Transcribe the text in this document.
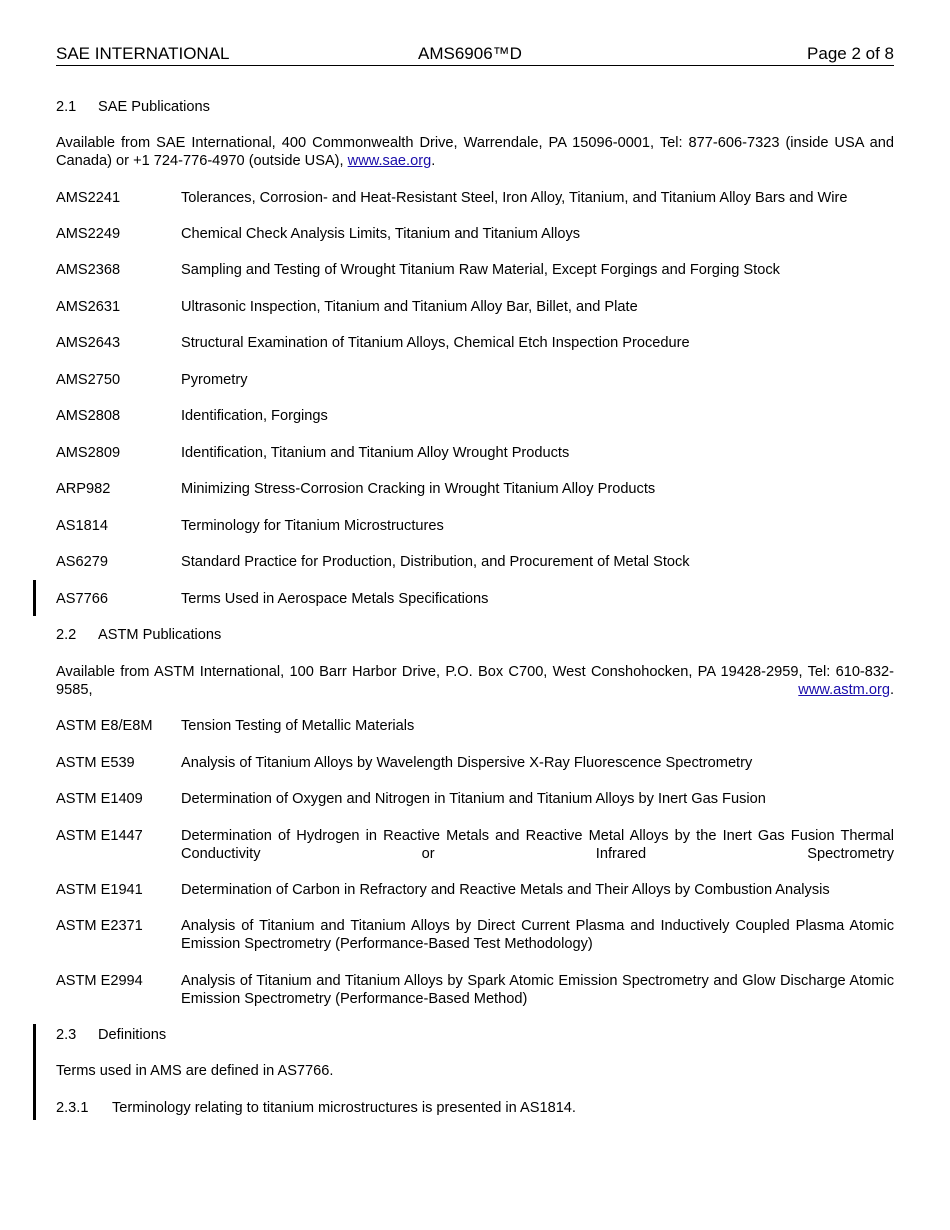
SAE INTERNATIONAL	AMS6906™D	Page 2 of 8
2.1 SAE Publications
Available from SAE International, 400 Commonwealth Drive, Warrendale, PA 15096-0001, Tel: 877-606-7323 (inside USA and Canada) or +1 724-776-4970 (outside USA), www.sae.org.
AMS2241	Tolerances, Corrosion- and Heat-Resistant Steel, Iron Alloy, Titanium, and Titanium Alloy Bars and Wire
AMS2249	Chemical Check Analysis Limits, Titanium and Titanium Alloys
AMS2368	Sampling and Testing of Wrought Titanium Raw Material, Except Forgings and Forging Stock
AMS2631	Ultrasonic Inspection, Titanium and Titanium Alloy Bar, Billet, and Plate
AMS2643	Structural Examination of Titanium Alloys, Chemical Etch Inspection Procedure
AMS2750	Pyrometry
AMS2808	Identification, Forgings
AMS2809	Identification, Titanium and Titanium Alloy Wrought Products
ARP982	Minimizing Stress-Corrosion Cracking in Wrought Titanium Alloy Products
AS1814	Terminology for Titanium Microstructures
AS6279	Standard Practice for Production, Distribution, and Procurement of Metal Stock
AS7766	Terms Used in Aerospace Metals Specifications
2.2 ASTM Publications
Available from ASTM International, 100 Barr Harbor Drive, P.O. Box C700, West Conshohocken, PA 19428-2959, Tel: 610-832-9585,	www.astm.org.
ASTM E8/E8M Tension Testing of Metallic Materials
ASTM E539	Analysis of Titanium Alloys by Wavelength Dispersive X-Ray Fluorescence Spectrometry
ASTM E1409	Determination of Oxygen and Nitrogen in Titanium and Titanium Alloys by Inert Gas Fusion
ASTM E1447	Determination of Hydrogen in Reactive Metals and Reactive Metal Alloys by the Inert Gas Fusion Thermal Conductivity or Infrared Spectrometry
ASTM E1941	Determination of Carbon in Refractory and Reactive Metals and Their Alloys by Combustion Analysis
ASTM E2371	Analysis of Titanium and Titanium Alloys by Direct Current Plasma and Inductively Coupled Plasma Atomic Emission Spectrometry (Performance-Based Test Methodology)
ASTM E2994	Analysis of Titanium and Titanium Alloys by Spark Atomic Emission Spectrometry and Glow Discharge Atomic Emission Spectrometry (Performance-Based Method)
2.3 Definitions
Terms used in AMS are defined in AS7766.
2.3.1 Terminology relating to titanium microstructures is presented in AS1814.
